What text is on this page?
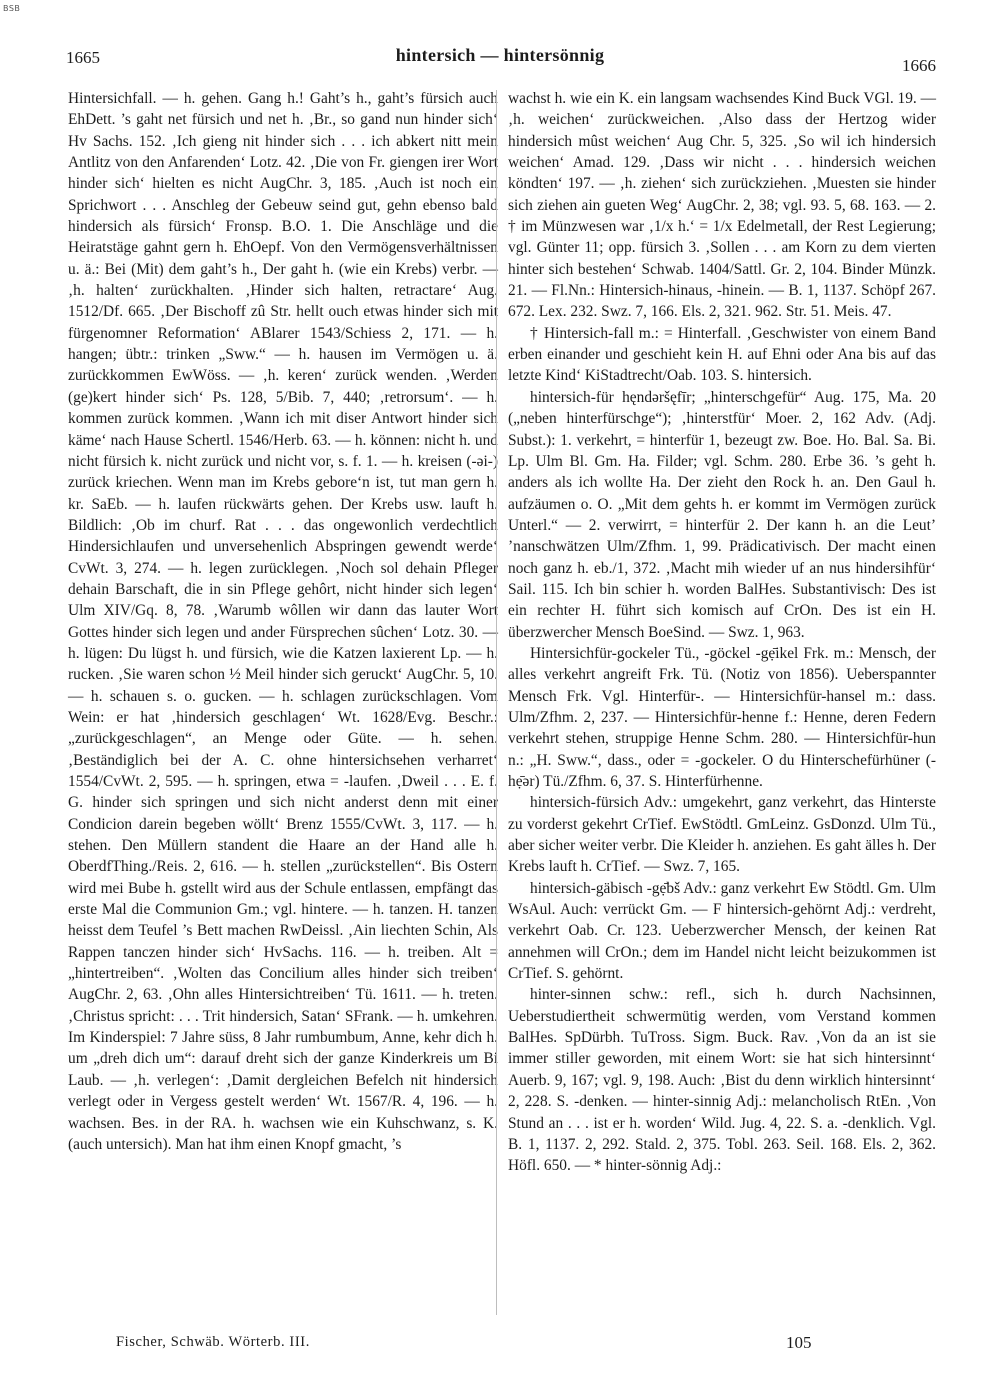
BSB
1665	hintersich — hintersönnig
1666

Hintersichfall. — h. gehen. Gang h.! Gaht’s h., gaht’s fürsich auch EhDett. ’s gaht net fürsich und net h. ‚Br., so gand nun hinder sich‘ Hv Sachs. 152. ‚Ich gieng nit hinder sich . . . ich abkert nitt mein Antlitz von den Anfarenden‘ Lotz. 42. ‚Die von Fr. giengen irer Wort hinder sich‘ hielten es nicht AugChr. 3, 185. ‚Auch ist noch ein Sprichwort . . . Anschleg der Gebeuw seind gut, gehn ebenso bald hindersich als fürsich‘ Fronsp. B.O. 1. Die Anschläge und die Heiratstäge gahnt gern h. EhOepf. Von den Vermögensverhältnissen u. ä.: Bei (Mit) dem gaht’s h., Der gaht h. (wie ein Krebs) verbr. — ‚h. halten‘ zurückhalten. ‚Hinder sich halten, retractare‘ Aug. 1512/Df. 665. ‚Der Bischoff zû Str. hellt ouch etwas hinder sich mit fürgenomner Reformation‘ ABlarer 1543/Schiess 2, 171. — h. hangen; übtr.: trinken „Sww.“ — h. hausen im Vermögen u. ä. zurückkommen EwWöss. — ‚h. keren‘ zurück wenden. ‚Werden (ge)kert hinder sich‘ Ps. 128, 5/Bib. 7, 440; ‚retrorsum‘. — h. kommen zurück kommen. ‚Wann ich mit diser Antwort hinder sich käme‘ nach Hause Schertl. 1546/Herb. 63. — h. können: nicht h. und nicht fürsich k. nicht zurück und nicht vor, s. f. 1. — h. kreisen (-əi-) zurück kriechen. Wenn man im Krebs gebore‘n ist, tut man gern h. kr. SaEb. — h. laufen rückwärts gehen. Der Krebs usw. lauft h. Bildlich: ‚Ob im churf. Rat . . . das ongewonlich verdechtlich Hindersichlaufen und unversehenlich Abspringen gewendt werde‘ CvWt. 3, 274. — h. legen zurücklegen. ‚Noch sol dehain Pfleger dehain Barschaft, die in sin Pflege gehôrt, nicht hinder sich legen‘ Ulm XIV/Gq. 8, 78. ‚Warumb wôllen wir dann das lauter Wort Gottes hinder sich legen und ander Fürsprechen sûchen‘ Lotz. 30. — h. lügen: Du lügst h. und fürsich, wie die Katzen laxierent Lp. — h. rucken. ‚Sie waren schon ½ Meil hinder sich geruckt‘ AugChr. 5, 10. — h. schauen s. o. gucken. — h. schlagen zurückschlagen. Vom Wein: er hat ‚hindersich geschlagen‘ Wt. 1628/Evg. Beschr.: „zurückgeschlagen“, an Menge oder Güte. — h. sehen. ‚Beständiglich bei der A. C. ohne hintersichsehen verharret‘ 1554/CvWt. 2, 595. — h. springen, etwa = -laufen. ‚Dweil . . . E. f. G. hinder sich springen und sich nicht anderst denn mit einer Condicion darein begeben wöllt‘ Brenz 1555/CvWt. 3, 117. — h. stehen. Den Müllern standent die Haare an der Hand alle h. OberdfThing./Reis. 2, 616. — h. stellen „zurückstellen“. Bis Ostern wird mei Bube h. gstellt wird aus der Schule entlassen, empfängt das erste Mal die Communion Gm.; vgl. hintere. — h. tanzen. H. tanzen heisst dem Teufel ’s Bett machen RwDeissl. ‚Ain liechten Schin, Als Rappen tanczen hinder sich‘ HvSachs. 116. — h. treiben. Alt = „hintertreiben“. ‚Wolten das Concilium alles hinder sich treiben‘ AugChr. 2, 63. ‚Ohn alles Hintersichtreiben‘ Tü. 1611. — h. treten. ‚Christus spricht: . . . Trit hindersich, Satan‘ SFrank. — h. umkehren. Im Kinderspiel: 7 Jahre süss, 8 Jahr rumbumbum, Anne, kehr dich h. um „dreh dich um“: darauf dreht sich der ganze Kinderkreis um Bi Laub. — ‚h. verlegen‘: ‚Damit dergleichen Befelch nit hindersich verlegt oder in Vergess gestelt werden‘ Wt. 1567/R. 4, 196. — h. wachsen. Bes. in der RA. h. wachsen wie ein Kuhschwanz, s. K. (auch untersich). Man hat ihm einen Knopf gmacht, ’s

wachst h. wie ein K. ein langsam wachsendes Kind Buck VGl. 19. — ‚h. weichen‘ zurückweichen. ‚Also dass der Hertzog wider hindersich mûst weichen‘ Aug Chr. 5, 325. ‚So wil ich hindersich weichen‘ Amad. 129. ‚Dass wir nicht . . . hindersich weichen köndten‘ 197. — ‚h. ziehen‘ sich zurückziehen. ‚Muesten sie hinder sich ziehen ain gueten Weg‘ AugChr. 2, 38; vgl. 93. 5, 68. 163. — 2. † im Münzwesen war ‚1/x h.‘ = 1/x Edelmetall, der Rest Legierung; vgl. Günter 11; opp. fürsich 3. ‚Sollen . . . am Korn zu dem vierten hinter sich bestehen‘ Schwab. 1404/Sattl. Gr. 2, 104. Binder Münzk. 21. — Fl.Nn.: Hintersich-hinaus, -hinein. — B. 1, 1137. Schöpf 267. 672. Lex. 232. Swz. 7, 166. Els. 2, 321. 962. Str. 51. Meis. 47.

† Hintersich-fall m.: = Hinterfall. ‚Geschwister von einem Band erben einander und geschieht kein H. auf Ehni oder Ana bis auf das letzte Kind‘ KiStadtrecht/Oab. 103. S. hintersich.

hintersich-für hęndəršęfīr; „hinterschgefür“ Aug. 175, Ma. 20 („neben hinterfürschge“); ‚hinterstfür‘ Moer. 2, 162 Adv. (Adj. Subst.): 1. verkehrt, = hinterfür 1, bezeugt zw. Boe. Ho. Bal. Sa. Bi. Lp. Ulm Bl. Gm. Ha. Filder; vgl. Schm. 280. Erbe 36. ’s geht h. anders als ich wollte Ha. Der zieht den Rock h. an. Den Gaul h. aufzäumen o. O. „Mit dem gehts h. er kommt im Vermögen zurück Unterl.“ — 2. verwirrt, = hinterfür 2. Der kann h. an die Leut’ ’nanschwätzen Ulm/Zfhm. 1, 99. Prädicativisch. Der macht einen noch ganz h. eb./1, 372. ‚Macht mih wieder uf an nus hindersihfür‘ Sail. 115. Ich bin schier h. worden BalHes. Substantivisch: Des ist ein rechter H. führt sich komisch auf CrOn. Des ist ein H. überzwercher Mensch BoeSind. — Swz. 1, 963.

Hintersichfür-gockeler Tü., -göckel -gẹ̄ikel Frk. m.: Mensch, der alles verkehrt angreift Frk. Tü. (Notiz von 1856). Ueberspannter Mensch Frk. Vgl. Hinterfür-. — Hintersichfür-hansel m.: dass. Ulm/Zfhm. 2, 237. — Hintersichfür-henne f.: Henne, deren Federn verkehrt stehen, struppige Henne Schm. 280. — Hintersichfür-hun n.: „H. Sww.“, dass., oder = -gockeler. O du Hinterschefürhüner (-hẹ̄ər) Tü./Zfhm. 6, 37. S. Hinterfürhenne.

hintersich-fürsich Adv.: umgekehrt, ganz verkehrt, das Hinterste zu vorderst gekehrt CrTief. EwStödtl. GmLeinz. GsDonzd. Ulm Tü., aber sicher weiter verbr. Die Kleider h. anziehen. Es gaht älles h. Der Krebs lauft h. CrTief. — Swz. 7, 165.

hintersich-gäbisch -gẹ̄bš Adv.: ganz verkehrt Ew Stödtl. Gm. Ulm WsAul. Auch: verrückt Gm. — F hintersich-gehörnt Adj.: verdreht, verkehrt Oab. Cr. 123. Ueberzwercher Mensch, der keinen Rat annehmen will CrOn.; dem im Handel nicht leicht beizukommen ist CrTief. S. gehörnt.

hinter-sinnen schw.: refl., sich h. durch Nachsinnen, Ueberstudiertheit schwermütig werden, vom Verstand kommen BalHes. SpDürbh. TuTross. Sigm. Buck. Rav. ‚Von da an ist sie immer stiller geworden, mit einem Wort: sie hat sich hintersinnt‘ Auerb. 9, 167; vgl. 9, 198. Auch: ‚Bist du denn wirklich hintersinnt‘ 2, 228. S. -denken. — hinter-sinnig Adj.: melancholisch RtEn. ‚Von Stund an . . . ist er h. worden‘ Wild. Jug. 4, 22. S. a. -denklich. Vgl. B. 1, 1137. 2, 292. Stald. 2, 375. Tobl. 263. Seil. 168. Els. 2, 362. Höfl. 650. — * hinter-sönnig Adj.:

Fischer, Schwäb. Wörterb. III.	105
